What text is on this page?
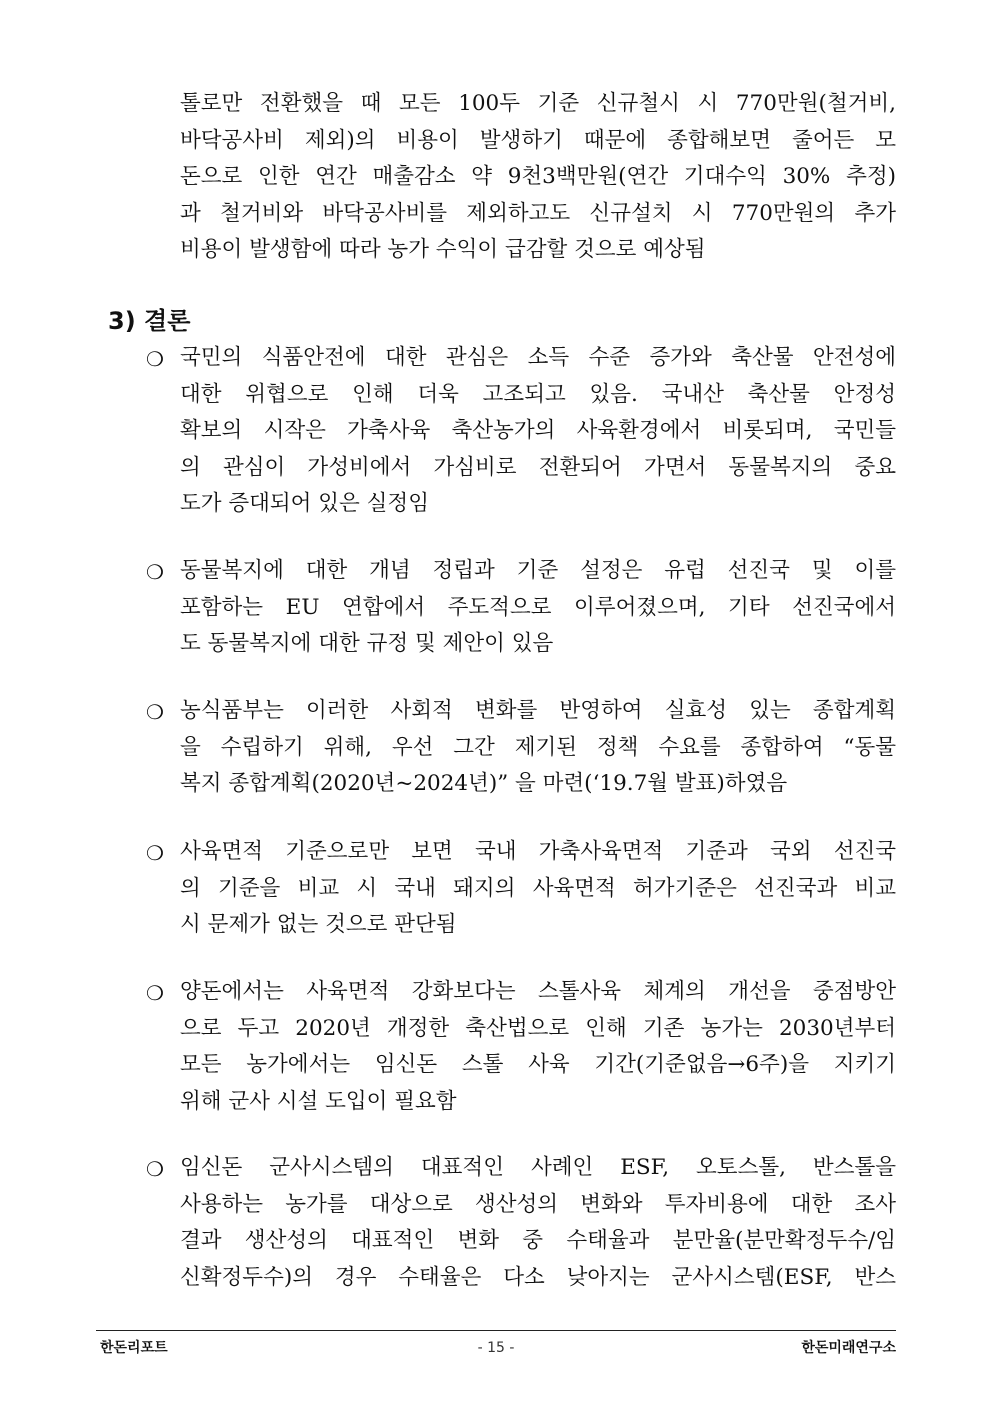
톨로만 전환했을 때 모든 100두 기준 신규철시 시 770만원(철거비,
바닥공사비 제외)의 비용이 발생하기 때문에 종합해보면 줄어든 모
돈으로 인한 연간 매출감소 약 9천3백만원(연간 기대수익 30% 추정)
과 철거비와 바닥공사비를 제외하고도 신규설치 시 770만원의 추가
비용이 발생함에 따라 농가 수익이 급감할 것으로 예상됨
3) 결론
❍ 국민의 식품안전에 대한 관심은 소득 수준 증가와 축산물 안전성에
대한 위협으로 인해 더욱 고조되고 있음. 국내산 축산물 안정성
확보의 시작은 가축사육 축산농가의 사육환경에서 비롯되며, 국민들
의 관심이 가성비에서 가심비로 전환되어 가면서 동물복지의 중요
도가 증대되어 있은 실정임
❍ 동물복지에 대한 개념 정립과 기준 설정은 유럽 선진국 및 이를
포함하는 EU 연합에서 주도적으로 이루어졌으며, 기타 선진국에서
도 동물복지에 대한 규정 및 제안이 있음
❍ 농식품부는 이러한 사회적 변화를 반영하여 실효성 있는 종합계획
을 수립하기 위해, 우선 그간 제기된 정책 수요를 종합하여 “동물
복지 종합계획(2020년~2024년)” 을 마련(‘19.7월 발표)하였음
❍ 사육면적 기준으로만 보면 국내 가축사육면적 기준과 국외 선진국
의 기준을 비교 시 국내 돼지의 사육면적 허가기준은 선진국과 비교
시 문제가 없는 것으로 판단됨
❍ 양돈에서는 사육면적 강화보다는 스톨사육 체계의 개선을 중점방안
으로 두고 2020년 개정한 축산법으로 인해 기존 농가는 2030년부터
모든 농가에서는 임신돈 스톨 사육 기간(기준없음→6주)을 지키기
위해 군사 시설 도입이 필요함
❍ 임신돈 군사시스템의 대표적인 사례인 ESF, 오토스톨, 반스톨을
사용하는 농가를 대상으로 생산성의 변화와 투자비용에 대한 조사
결과 생산성의 대표적인 변화 중 수태율과 분만율(분만확정두수/임
신확정두수)의 경우 수태율은 다소 낮아지는 군사시스템(ESF, 반스
- 15 -
한돈리포트	한돈미래연구소
